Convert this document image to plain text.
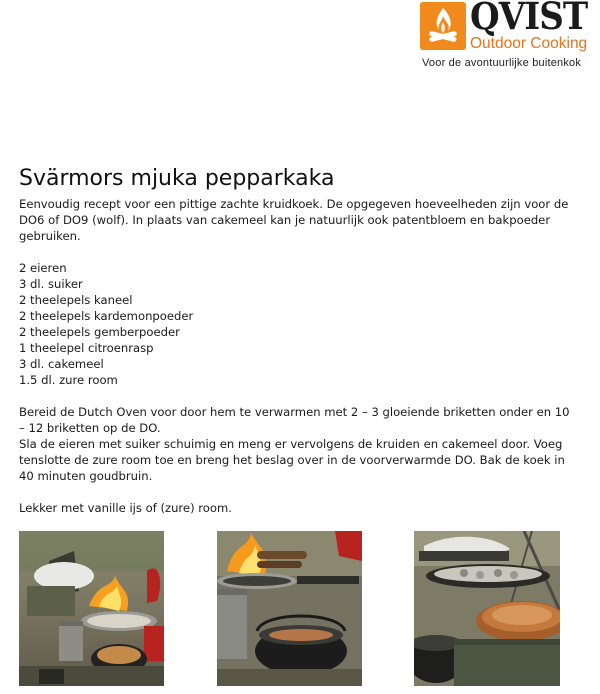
QVIST
Outdoor Cooking
Voor de avontuurlijke buitenkok
Svärmors mjuka pepparkaka

Eenvoudig recept voor een pittige zachte kruidkoek. De opgegeven hoeveelheden zijn voor de DO6 of DO9 (wolf). In plaats van cakemeel kan je natuurlijk ook patentbloem en bakpoeder gebruiken.

2 eieren
3 dl. suiker
2 theelepels kaneel
2 theelepels kardemonpoeder
2 theelepels gemberpoeder
1 theelepel citroenrasp
3 dl. cakemeel
1.5 dl. zure room

Bereid de Dutch Oven voor door hem te verwarmen met 2 – 3 gloeiende briketten onder en 10 – 12 briketten op de DO.
Sla de eieren met suiker schuimig en meng er vervolgens de kruiden en cakemeel door. Voeg tenslotte de zure room toe en breng het beslag over in de voorverwarmde DO. Bak de koek in 40 minuten goudbruin.

Lekker met vanille ijs of (zure) room.
